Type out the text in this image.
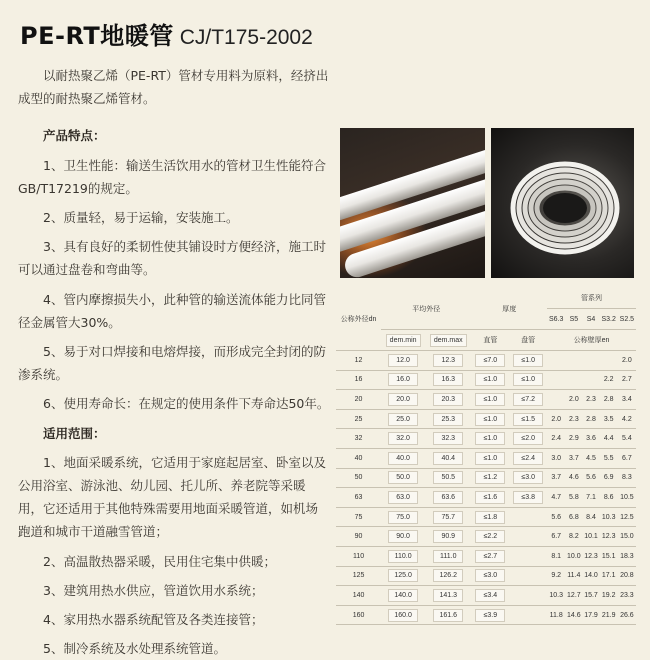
PE-RT地暖管 CJ/T175-2002

以耐热聚乙烯（PE-RT）管材专用料为原料，经挤出成型的耐热聚乙烯管材。

产品特点：

1、卫生性能：输送生活饮用水的管材卫生性能符合GB/T17219的规定。

2、质量轻，易于运输，安装施工。

3、具有良好的柔韧性使其铺设时方便经济，施工时可以通过盘卷和弯曲等。

4、管内摩擦损失小，此种管的输送流体能力比同管径金属管大30%。

5、易于对口焊接和电熔焊接，而形成完全封闭的防渗系统。

6、使用寿命长：在规定的使用条件下寿命达50年。

适用范围：

1、地面采暖系统，它适用于家庭起居室、卧室以及公用浴室、游泳池、幼儿园、托儿所、养老院等采暖用，它还适用于其他特殊需要用地面采暖管道，如机场跑道和城市干道融雪管道；

2、高温散热器采暖，民用住宅集中供暖；

3、建筑用热水供应，管道饮用水系统；

4、家用热水器系统配管及各类连接管；

5、制冷系统及水处理系统管道。

公称外径dn	平均外径		厚度		管系列				
					S6.3	S5	S4	S3.2	S2.5
	dem.min	dem.max	直管	盘管	公称壁厚en				
12	12.0	12.3	≤7.0	≤1.0					2.0
16	16.0	16.3	≤1.0	≤1.0				2.2	2.7
20	20.0	20.3	≤1.0	≤7.2		2.0	2.3	2.8	3.4
25	25.0	25.3	≤1.0	≤1.5	2.0	2.3	2.8	3.5	4.2
32	32.0	32.3	≤1.0	≤2.0	2.4	2.9	3.6	4.4	5.4
40	40.0	40.4	≤1.0	≤2.4	3.0	3.7	4.5	5.5	6.7
50	50.0	50.5	≤1.2	≤3.0	3.7	4.6	5.6	6.9	8.3
63	63.0	63.6	≤1.6	≤3.8	4.7	5.8	7.1	8.6	10.5
75	75.0	75.7	≤1.8		5.6	6.8	8.4	10.3	12.5
90	90.0	90.9	≤2.2		6.7	8.2	10.1	12.3	15.0
110	110.0	111.0	≤2.7		8.1	10.0	12.3	15.1	18.3
125	125.0	126.2	≤3.0		9.2	11.4	14.0	17.1	20.8
140	140.0	141.3	≤3.4		10.3	12.7	15.7	19.2	23.3
160	160.0	161.6	≤3.9		11.8	14.6	17.9	21.9	26.6
